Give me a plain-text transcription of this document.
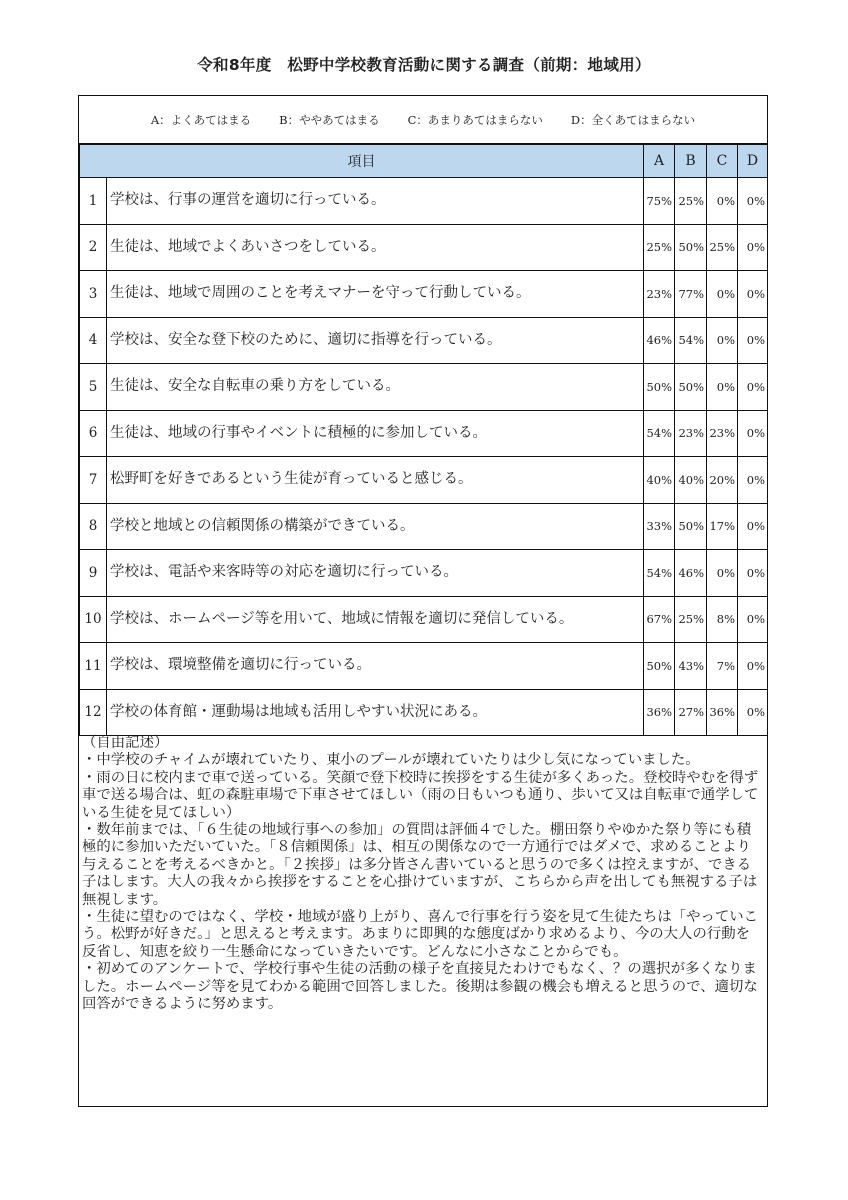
令和8年度　松野中学校教育活動に関する調査（前期：地域用）
A：よくあてはまる B：ややあてはまる C：あまりあてはまらない D：全くあてはまらない
項目		A	B	C	D
1	学校は、行事の運営を適切に行っている。	75%	25%	0%	0%
2	生徒は、地域でよくあいさつをしている。	25%	50%	25%	0%
3	生徒は、地域で周囲のことを考えマナーを守って行動している。	23%	77%	0%	0%
4	学校は、安全な登下校のために、適切に指導を行っている。	46%	54%	0%	0%
5	生徒は、安全な自転車の乗り方をしている。	50%	50%	0%	0%
6	生徒は、地域の行事やイベントに積極的に参加している。	54%	23%	23%	0%
7	松野町を好きであるという生徒が育っていると感じる。	40%	40%	20%	0%
8	学校と地域との信頼関係の構築ができている。	33%	50%	17%	0%
9	学校は、電話や来客時等の対応を適切に行っている。	54%	46%	0%	0%
10	学校は、ホームページ等を用いて、地域に情報を適切に発信している。	67%	25%	8%	0%
11	学校は、環境整備を適切に行っている。	50%	43%	7%	0%
12	学校の体育館・運動場は地域も活用しやすい状況にある。	36%	27%	36%	0%

（自由記述）

・中学校のチャイムが壊れていたり、東小のプールが壊れていたりは少し気になっていました。

・雨の日に校内まで車で送っている。笑顔で登下校時に挨拶をする生徒が多くあった。登校時やむを得ず車で送る場合は、虹の森駐車場で下車させてほしい（雨の日もいつも通り、歩いて又は自転車で通学している生徒を見てほしい）

・数年前までは、「６生徒の地域行事への参加」の質問は評価４でした。棚田祭りやゆかた祭り等にも積極的に参加いただいていた。「８信頼関係」は、相互の関係なので一方通行ではダメで、求めることより与えることを考えるべきかと。「２挨拶」は多分皆さん書いていると思うので多くは控えますが、できる子はします。大人の我々から挨拶をすることを心掛けていますが、こちらから声を出しても無視する子は無視します。

・生徒に望むのではなく、学校・地域が盛り上がり、喜んで行事を行う姿を見て生徒たちは「やっていこう。松野が好きだ。」と思えると考えます。あまりに即興的な態度ばかり求めるより、今の大人の行動を反省し、知恵を絞り一生懸命になっていきたいです。どんなに小さなことからでも。

・初めてのアンケートで、学校行事や生徒の活動の様子を直接見たわけでもなく、？の選択が多くなりました。ホームページ等を見てわかる範囲で回答しました。後期は参観の機会も増えると思うので、適切な回答ができるように努めます。
